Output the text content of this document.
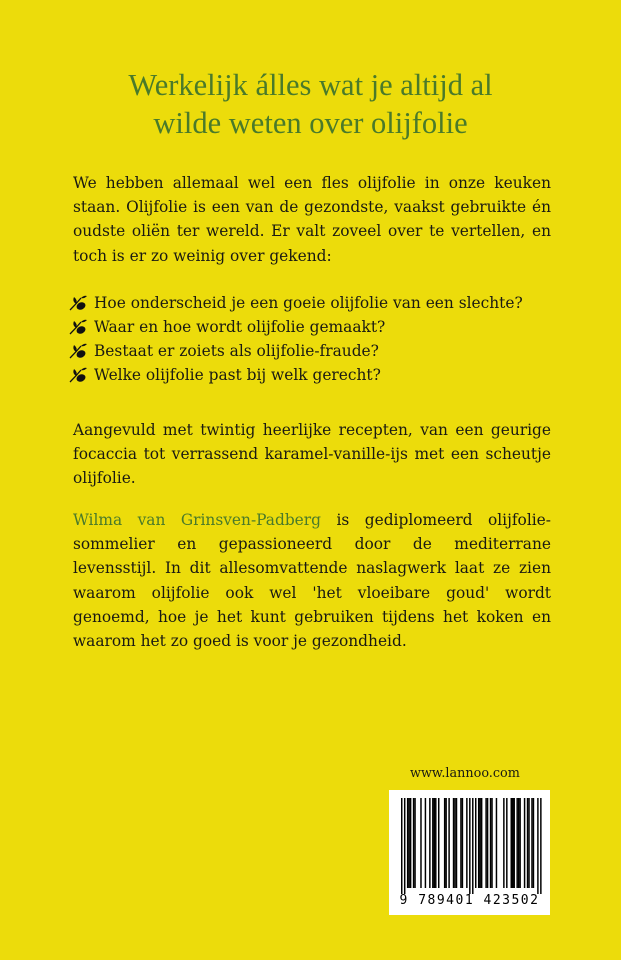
Werkelijk álles wat je altijd al
wilde weten over olijfolie

We hebben allemaal wel een fles olijfolie in onze keuken staan. Olijfolie is een van de gezondste, vaakst gebruikte én oudste oliën ter wereld. Er valt zoveel over te vertellen, en toch is er zo weinig over gekend:

Hoe onderscheid je een goeie olijfolie van een slechte?
Waar en hoe wordt olijfolie gemaakt?
Bestaat er zoiets als olijfolie-fraude?
Welke olijfolie past bij welk gerecht?

Aangevuld met twintig heerlijke recepten, van een geurige focaccia tot verrassend karamel-vanille-ijs met een scheutje olijfolie.

Wilma van Grinsven-Padberg is gediplomeerd olijfolie-sommelier en gepassioneerd door de mediterrane levensstijl. In dit allesomvattende naslagwerk laat ze zien waarom olijfolie ook wel 'het vloeibare goud' wordt genoemd, hoe je het kunt gebruiken tijdens het koken en waarom het zo goed is voor je gezondheid.

www.lannoo.com
9 789401 423502
